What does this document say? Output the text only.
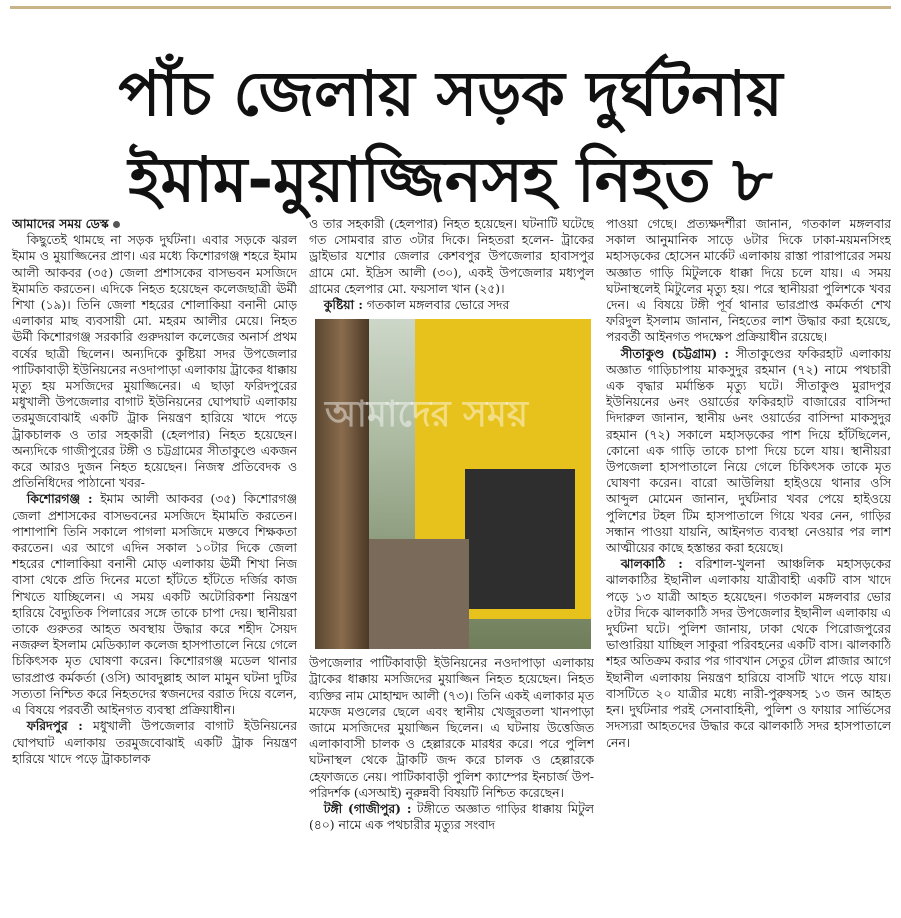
পাঁচ জেলায় সড়ক দুর্ঘটনায়
ইমাম-মুয়াজ্জিনসহ নিহত ৮

আমাদের সময় ডেস্ক

কিছুতেই থামছে না সড়ক দুর্ঘটনা। এবার সড়কে ঝরল ইমাম ও মুয়াজ্জিনের প্রাণ। এর মধ্যে কিশোরগঞ্জ শহরে ইমাম আলী আকবর (৩৫) জেলা প্রশাসকের বাসভবন মসজিদে ইমামতি করতেন। এদিকে নিহত হয়েছেন কলেজছাত্রী ঊর্মী শিখা (১৯)। তিনি জেলা শহরের শোলাকিয়া বনানী মোড় এলাকার মাছ ব্যবসায়ী মো. মহরম আলীর মেয়ে। নিহত ঊর্মী কিশোরগঞ্জ সরকারি গুরুদয়াল কলেজের অনার্স প্রথম বর্ষের ছাত্রী ছিলেন। অন্যদিকে কুষ্টিয়া সদর উপজেলার পাটিকাবাড়ী ইউনিয়নের নওদাপাড়া এলাকায় ট্রাকের ধাক্কায় মৃত্যু হয় মসজিদের মুয়াজ্জিনের। এ ছাড়া ফরিদপুরের মধুখালী উপজেলার বাগাট ইউনিয়নের ঘোপঘাট এলাকায় তরমুজবোঝাই একটি ট্রাক নিয়ন্ত্রণ হারিয়ে খাদে পড়ে ট্রাকচালক ও তার সহকারী (হেলপার) নিহত হয়েছেন। অন্যদিকে গাজীপুরের টঙ্গী ও চট্টগ্রামের সীতাকুণ্ডে একজন করে আরও দুজন নিহত হয়েছেন। নিজস্ব প্রতিবেদক ও প্রতিনিধিদের পাঠানো খবর-

কিশোরগঞ্জ : ইমাম আলী আকবর (৩৫) কিশোরগঞ্জ জেলা প্রশাসকের বাসভবনের মসজিদে ইমামতি করতেন। পাশাপাশি তিনি সকালে পাগলা মসজিদে মক্তবে শিক্ষকতা করতেন। এর আগে এদিন সকাল ১০টার দিকে জেলা শহরের শোলাকিয়া বনানী মোড় এলাকায় ঊর্মী শিখা নিজ বাসা থেকে প্রতি দিনের মতো হাঁটতে হাঁটতে দর্জির কাজ শিখতে যাচ্ছিলেন। এ সময় একটি অটোরিকশা নিয়ন্ত্রণ হারিয়ে বৈদ্যুতিক পিলারের সঙ্গে তাকে চাপা দেয়। স্থানীয়রা তাকে গুরুতর আহত অবস্থায় উদ্ধার করে শহীদ সৈয়দ নজরুল ইসলাম মেডিক্যাল কলেজ হাসপাতালে নিয়ে গেলে চিকিৎসক মৃত ঘোষণা করেন। কিশোরগঞ্জ মডেল থানার ভারপ্রাপ্ত কর্মকর্তা (ওসি) আবদুল্লাহ আল মামুন ঘটনা দুটির সত্যতা নিশ্চিত করে নিহতদের স্বজনদের বরাত দিয়ে বলেন, এ বিষয়ে পরবর্তী আইনগত ব্যবস্থা প্রক্রিয়াধীন।

ফরিদপুর : মধুখালী উপজেলার বাগাট ইউনিয়নের ঘোপঘাট এলাকায় তরমুজবোঝাই একটি ট্রাক নিয়ন্ত্রণ হারিয়ে খাদে পড়ে ট্রাকচালক

ও তার সহকারী (হেলপার) নিহত হয়েছেন। ঘটনাটি ঘটেছে গত সোমবার রাত ৩টার দিকে। নিহতরা হলেন- ট্রাকের ড্রাইভার যশোর জেলার কেশবপুর উপজেলার হাবাসপুর গ্রামে মো. ইদ্রিস আলী (৩০), একই উপজেলার মধ্যপুল গ্রামের হেলপার মো. ফয়সাল খান (২৫)।

কুষ্টিয়া : গতকাল মঙ্গলবার ভোরে সদর

আমাদের সময়

উপজেলার পাটিকাবাড়ী ইউনিয়নের নওদাপাড়া এলাকায় ট্রাকের ধাক্কায় মসজিদের মুয়াজ্জিন নিহত হয়েছেন। নিহত ব্যক্তির নাম মোহাম্মদ আলী (৭৩)। তিনি একই এলাকার মৃত মফেজ মণ্ডলের ছেলে এবং স্থানীয় খেজুরতলা খানপাড়া জামে মসজিদের মুয়াজ্জিন ছিলেন। এ ঘটনায় উত্তেজিত এলাকাবাসী চালক ও হেল্লারকে মারধর করে। পরে পুলিশ ঘটনাস্থল থেকে ট্রাকটি জব্দ করে চালক ও হেল্লারকে হেফাজতে নেয়। পাটিকাবাড়ী পুলিশ ক্যাম্পের ইনচার্জ উপ-পরিদর্শক (এসআই) নুরুন্নবী বিষয়টি নিশ্চিত করেছেন।

টঙ্গী (গাজীপুর) : টঙ্গীতে অজ্ঞাত গাড়ির ধাক্কায় মিটুল (৪০) নামে এক পথচারীর মৃত্যুর সংবাদ

পাওয়া গেছে। প্রত্যক্ষদর্শীরা জানান, গতকাল মঙ্গলবার সকাল আনুমানিক সাড়ে ৬টার দিকে ঢাকা-ময়মনসিংহ মহাসড়কের হোসেন মার্কেট এলাকায় রাস্তা পারাপারের সময় অজ্ঞাত গাড়ি মিটুলকে ধাক্কা দিয়ে চলে যায়। এ সময় ঘটনাস্থলেই মিটুলের মৃত্যু হয়। পরে স্থানীয়রা পুলিশকে খবর দেন। এ বিষয়ে টঙ্গী পূর্ব থানার ভারপ্রাপ্ত কর্মকর্তা শেখ ফরিদুল ইসলাম জানান, নিহতের লাশ উদ্ধার করা হয়েছে, পরবর্তী আইনগত পদক্ষেপ প্রক্রিয়াধীন রয়েছে।

সীতাকুণ্ড (চট্টগ্রাম) : সীতাকুণ্ডের ফকিরহাট এলাকায় অজ্ঞাত গাড়িচাপায় মাকসুদুর রহমান (৭২) নামে পথচারী এক বৃদ্ধার মর্মান্তিক মৃত্যু ঘটে। সীতাকুণ্ড মুরাদপুর ইউনিয়নের ৬নং ওয়ার্ডের ফকিরহাট বাজারের বাসিন্দা দিদারুল জানান, স্থানীয় ৬নং ওয়ার্ডের বাসিন্দা মাকসুদুর রহমান (৭২) সকালে মহাসড়কের পাশ দিয়ে হাঁটছিলেন, কোনো এক গাড়ি তাকে চাপা দিয়ে চলে যায়। স্থানীয়রা উপজেলা হাসপাতালে নিয়ে গেলে চিকিৎসক তাকে মৃত ঘোষণা করেন। বারো আউলিয়া হাইওয়ে থানার ওসি আব্দুল মোমেন জানান, দুর্ঘটনার খবর পেয়ে হাইওয়ে পুলিশের টহল টিম হাসপাতালে গিয়ে খবর নেন, গাড়ির সন্ধান পাওয়া যায়নি, আইনগত ব্যবস্থা নেওয়ার পর লাশ আত্মীয়ের কাছে হস্তান্তর করা হয়েছে।

ঝালকাঠি : বরিশাল-খুলনা আঞ্চলিক মহাসড়কের ঝালকাঠির ইছানীল এলাকায় যাত্রীবাহী একটি বাস খাদে পড়ে ১৩ যাত্রী আহত হয়েছেন। গতকাল মঙ্গলবার ভোর ৫টার দিকে ঝালকাঠি সদর উপজেলার ইছানীল এলাকায় এ দুর্ঘটনা ঘটে। পুলিশ জানায়, ঢাকা থেকে পিরোজপুরের ভাণ্ডারিয়া যাচ্ছিল সাকুরা পরিবহনের একটি বাস। ঝালকাঠি শহর অতিক্রম করার পর গাবখান সেতুর টোল প্লাজার আগে ইছানীল এলাকায় নিয়ন্ত্রণ হারিয়ে বাসটি খাদে পড়ে যায়। বাসটিতে ২০ যাত্রীর মধ্যে নারী-পুরুষসহ ১৩ জন আহত হন। দুর্ঘটনার পরই সেনাবাহিনী, পুলিশ ও ফায়ার সার্ভিসের সদস্যরা আহতদের উদ্ধার করে ঝালকাঠি সদর হাসপাতালে নেন।
